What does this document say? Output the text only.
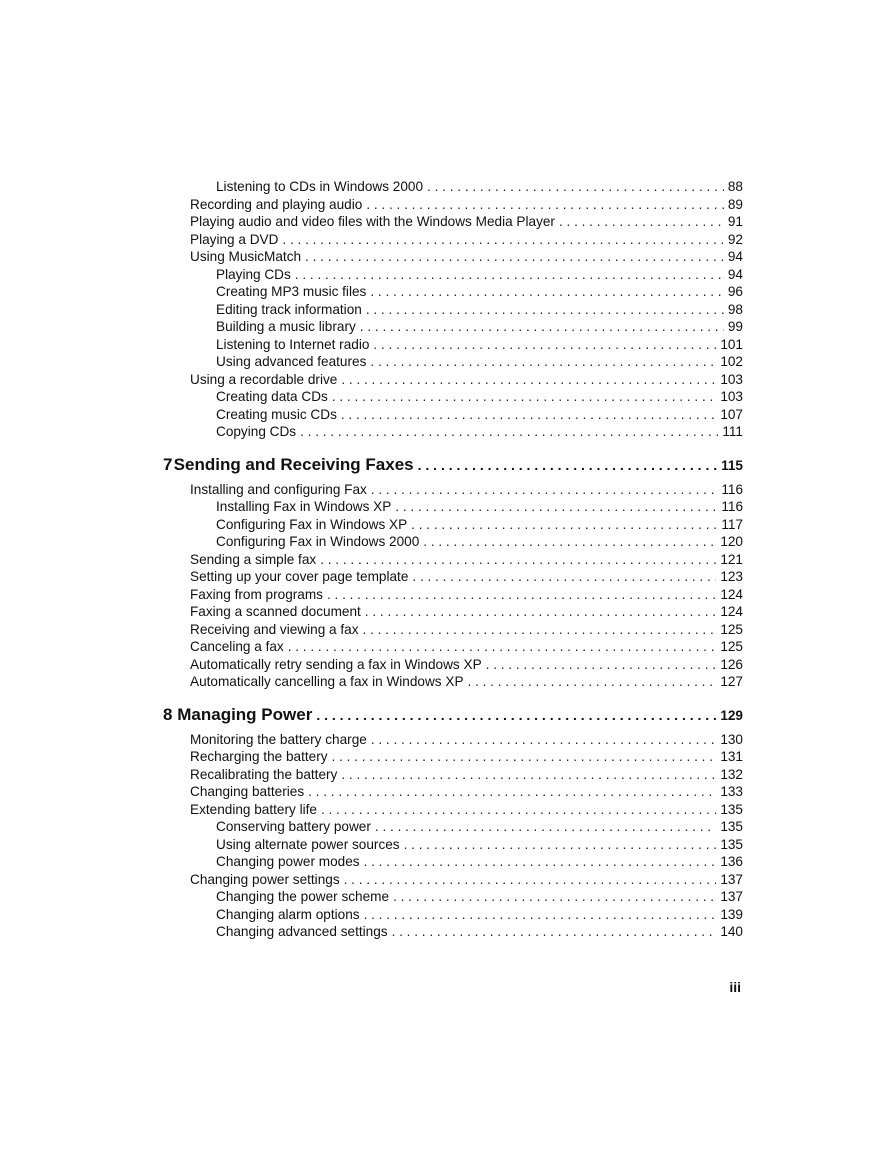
Listening to CDs in Windows 2000 . . .	88
Recording and playing audio . . .	89
Playing audio and video files with the Windows Media Player . . .	91
Playing a DVD . . .	92
Using MusicMatch . . .	94
Playing CDs . . .	94
Creating MP3 music files . . .	96
Editing track information . . .	98
Building a music library . . .	99
Listening to Internet radio . . .	101
Using advanced features . . .	102
Using a recordable drive . . .	103
Creating data CDs . . .	103
Creating music CDs . . .	107
Copying CDs . . .	111
7 Sending and Receiving Faxes . . .	115
Installing and configuring Fax . . .	116
Installing Fax in Windows XP . . .	116
Configuring Fax in Windows XP . . .	117
Configuring Fax in Windows 2000 . . .	120
Sending a simple fax . . .	121
Setting up your cover page template . . .	123
Faxing from programs . . .	124
Faxing a scanned document . . .	124
Receiving and viewing a fax . . .	125
Canceling a fax . . .	125
Automatically retry sending a fax in Windows XP . . .	126
Automatically cancelling a fax in Windows XP . . .	127
8 Managing Power . . .	129
Monitoring the battery charge . . .	130
Recharging the battery . . .	131
Recalibrating the battery . . .	132
Changing batteries . . .	133
Extending battery life . . .	135
Conserving battery power . . .	135
Using alternate power sources . . .	135
Changing power modes . . .	136
Changing power settings . . .	137
Changing the power scheme . . .	137
Changing alarm options . . .	139
Changing advanced settings . . .	140
iii
